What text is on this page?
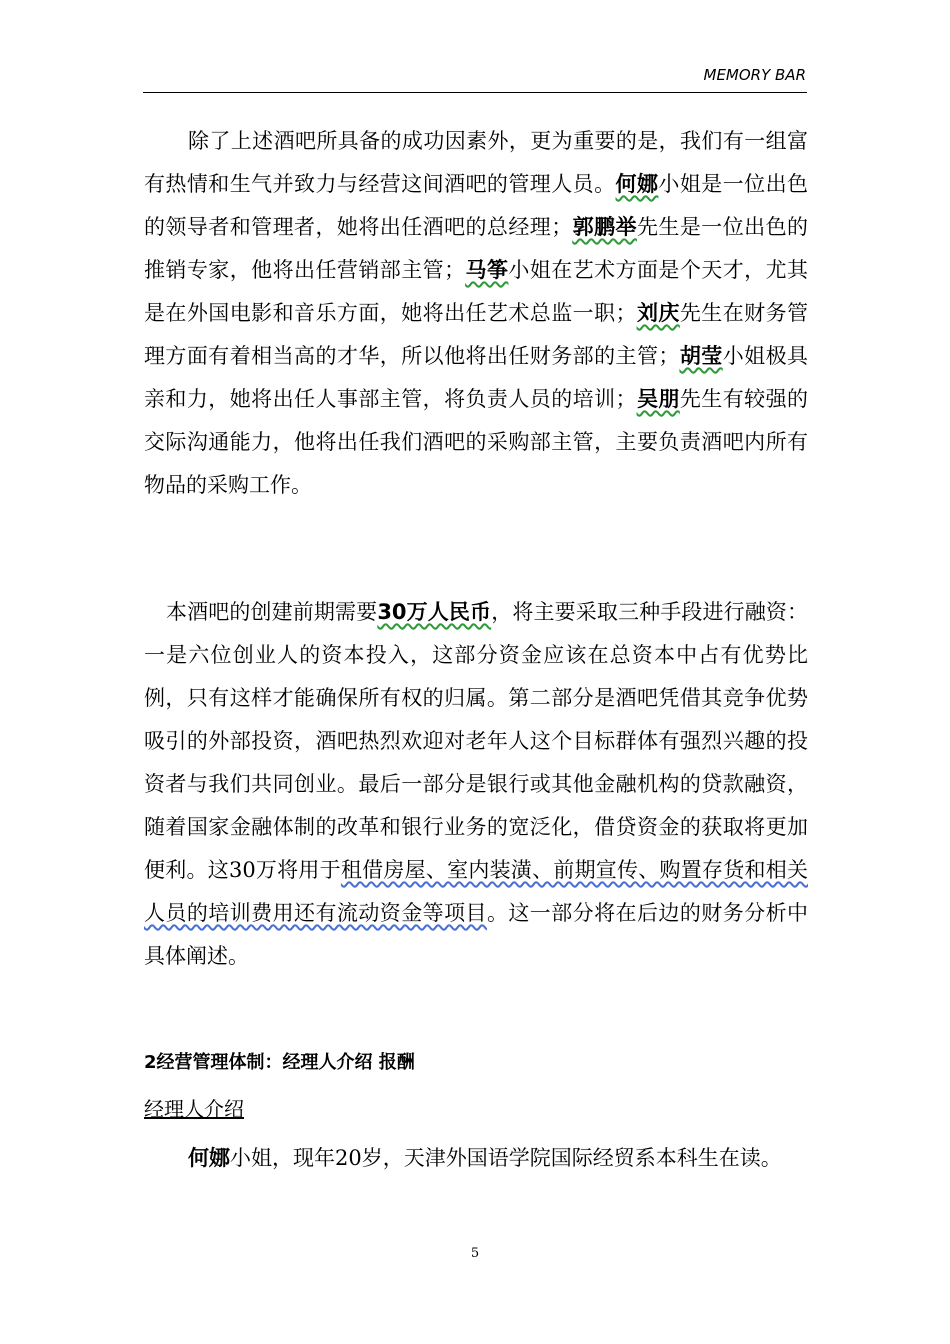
MEMORY BAR

除了上述酒吧所具备的成功因素外，更为重要的是，我们有一组富有热情和生气并致力与经营这间酒吧的管理人员。何娜小姐是一位出色的领导者和管理者，她将出任酒吧的总经理；郭鹏举先生是一位出色的推销专家，他将出任营销部主管；马筝小姐在艺术方面是个天才，尤其是在外国电影和音乐方面，她将出任艺术总监一职；刘庆先生在财务管理方面有着相当高的才华，所以他将出任财务部的主管；胡莹小姐极具亲和力，她将出任人事部主管，将负责人员的培训；吴朋先生有较强的交际沟通能力，他将出任我们酒吧的采购部主管，主要负责酒吧内所有物品的采购工作。

本酒吧的创建前期需要30万人民币，将主要采取三种手段进行融资：一是六位创业人的资本投入，这部分资金应该在总资本中占有优势比例，只有这样才能确保所有权的归属。第二部分是酒吧凭借其竞争优势吸引的外部投资，酒吧热烈欢迎对老年人这个目标群体有强烈兴趣的投资者与我们共同创业。最后一部分是银行或其他金融机构的贷款融资，随着国家金融体制的改革和银行业务的宽泛化，借贷资金的获取将更加便利。这30万将用于租借房屋、室内装潢、前期宣传、购置存货和相关人员的培训费用还有流动资金等项目。这一部分将在后边的财务分析中具体阐述。

2经营管理体制：经理人介绍 报酬
经理人介绍

何娜小姐，现年20岁，天津外国语学院国际经贸系本科生在读。

5
